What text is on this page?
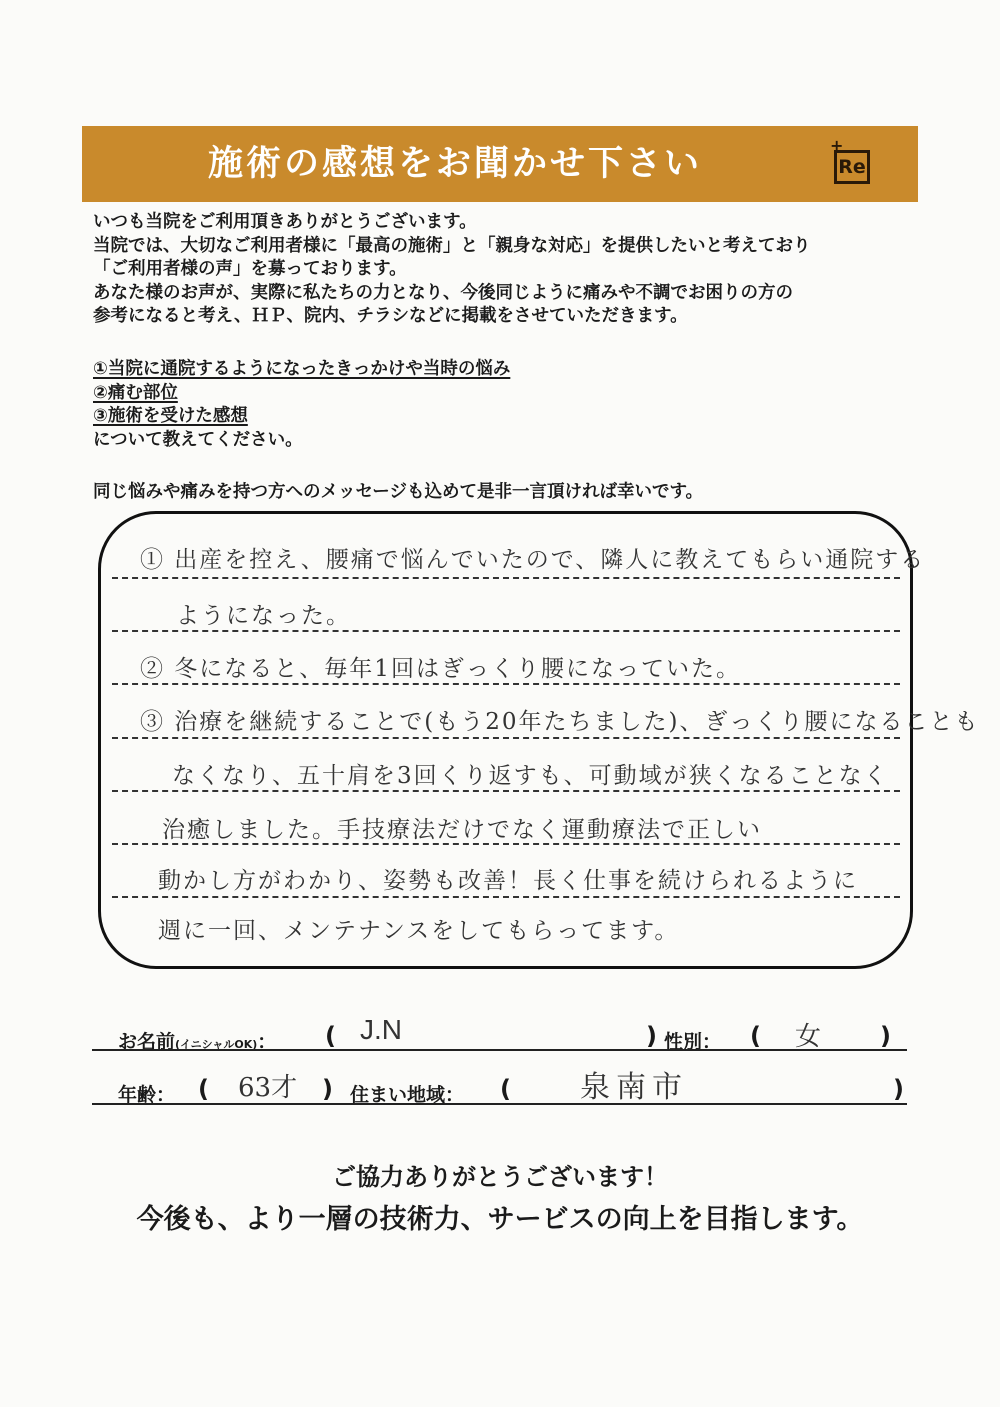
施術の感想をお聞かせ下さい	+
Re
いつも当院をご利用頂きありがとうございます。
当院では、大切なご利用者様に「最高の施術」と「親身な対応」を提供したいと考えており
「ご利用者様の声」を募っております。
あなた様のお声が、実際に私たちの力となり、今後同じように痛みや不調でお困りの方の
参考になると考え、ＨＰ、院内、チラシなどに掲載をさせていただきます。
①当院に通院するようになったきっかけや当時の悩み
②痛む部位
③施術を受けた感想
について教えてください。
同じ悩みや痛みを持つ方へのメッセージも込めて是非一言頂ければ幸いです。
① 出産を控え、腰痛で悩んでいたので、隣人に教えてもらい通院する
ようになった。
② 冬になると、毎年1回はぎっくり腰になっていた。
③ 治療を継続することで(もう20年たちました)、ぎっくり腰になることも
なくなり、五十肩を3回くり返すも、可動域が狭くなることなく
治癒しました。手技療法だけでなく運動療法で正しい
動かし方がわかり、姿勢も改善！長く仕事を続けられるように
週に一回、メンテナンスをしてもらってます。
お名前(イニシャルOK)： ( J.N	) 性別： ( 女 )
年齢： ( 63才 ) 住まい地域： ( 泉南市	)
ご協力ありがとうございます！
今後も、より一層の技術力、サービスの向上を目指します。
